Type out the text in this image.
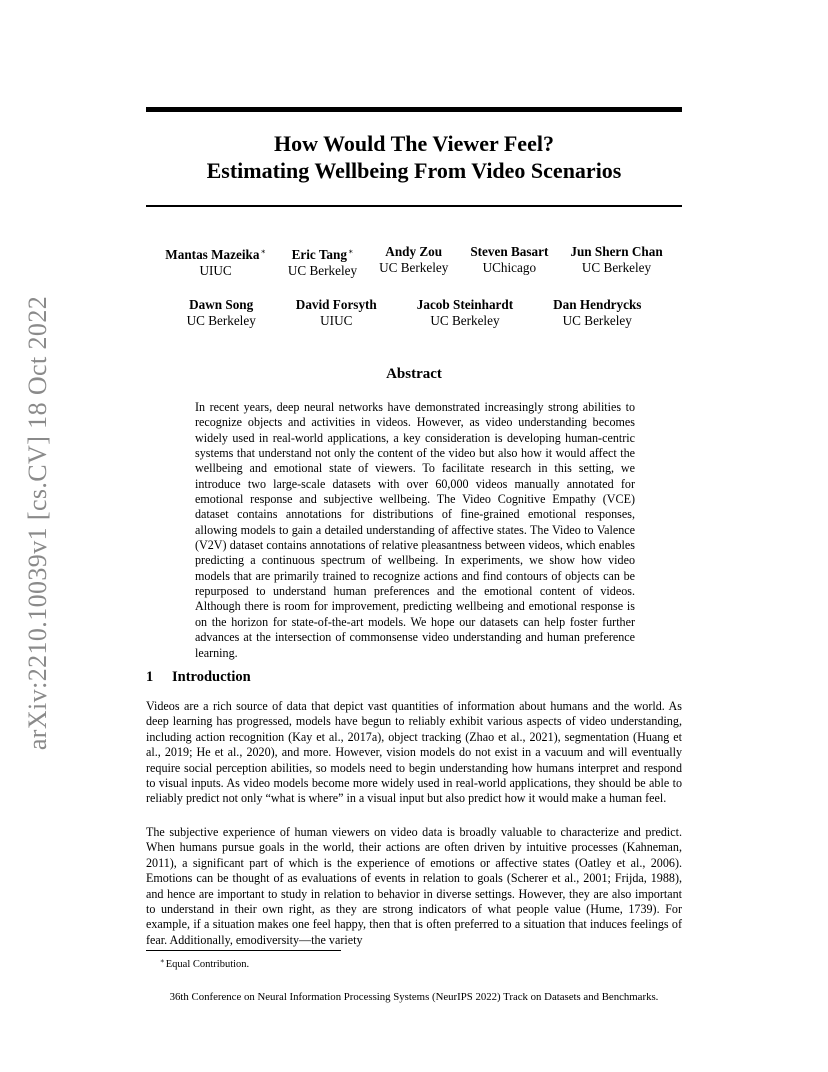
arXiv:2210.10039v1 [cs.CV] 18 Oct 2022
How Would The Viewer Feel?
Estimating Wellbeing From Video Scenarios
Mantas Mazeika∗
UIUC
Eric Tang∗
UC Berkeley
Andy Zou
UC Berkeley
Steven Basart
UChicago
Jun Shern Chan
UC Berkeley
Dawn Song
UC Berkeley
David Forsyth
UIUC
Jacob Steinhardt
UC Berkeley
Dan Hendrycks
UC Berkeley
Abstract
In recent years, deep neural networks have demonstrated increasingly strong abilities to recognize objects and activities in videos. However, as video understanding becomes widely used in real-world applications, a key consideration is developing human-centric systems that understand not only the content of the video but also how it would affect the wellbeing and emotional state of viewers. To facilitate research in this setting, we introduce two large-scale datasets with over 60,000 videos manually annotated for emotional response and subjective wellbeing. The Video Cognitive Empathy (VCE) dataset contains annotations for distributions of fine-grained emotional responses, allowing models to gain a detailed understanding of affective states. The Video to Valence (V2V) dataset contains annotations of relative pleasantness between videos, which enables predicting a continuous spectrum of wellbeing. In experiments, we show how video models that are primarily trained to recognize actions and find contours of objects can be repurposed to understand human preferences and the emotional content of videos. Although there is room for improvement, predicting wellbeing and emotional response is on the horizon for state-of-the-art models. We hope our datasets can help foster further advances at the intersection of commonsense video understanding and human preference learning.
1 Introduction
Videos are a rich source of data that depict vast quantities of information about humans and the world. As deep learning has progressed, models have begun to reliably exhibit various aspects of video understanding, including action recognition (Kay et al., 2017a), object tracking (Zhao et al., 2021), segmentation (Huang et al., 2019; He et al., 2020), and more. However, vision models do not exist in a vacuum and will eventually require social perception abilities, so models need to begin understanding how humans interpret and respond to visual inputs. As video models become more widely used in real-world applications, they should be able to reliably predict not only “what is where” in a visual input but also predict how it would make a human feel.
The subjective experience of human viewers on video data is broadly valuable to characterize and predict. When humans pursue goals in the world, their actions are often driven by intuitive processes (Kahneman, 2011), a significant part of which is the experience of emotions or affective states (Oatley et al., 2006). Emotions can be thought of as evaluations of events in relation to goals (Scherer et al., 2001; Frijda, 1988), and hence are important to study in relation to behavior in diverse settings. However, they are also important to understand in their own right, as they are strong indicators of what people value (Hume, 1739). For example, if a situation makes one feel happy, then that is often preferred to a situation that induces feelings of fear. Additionally, emodiversity—the variety
∗Equal Contribution.
36th Conference on Neural Information Processing Systems (NeurIPS 2022) Track on Datasets and Benchmarks.
